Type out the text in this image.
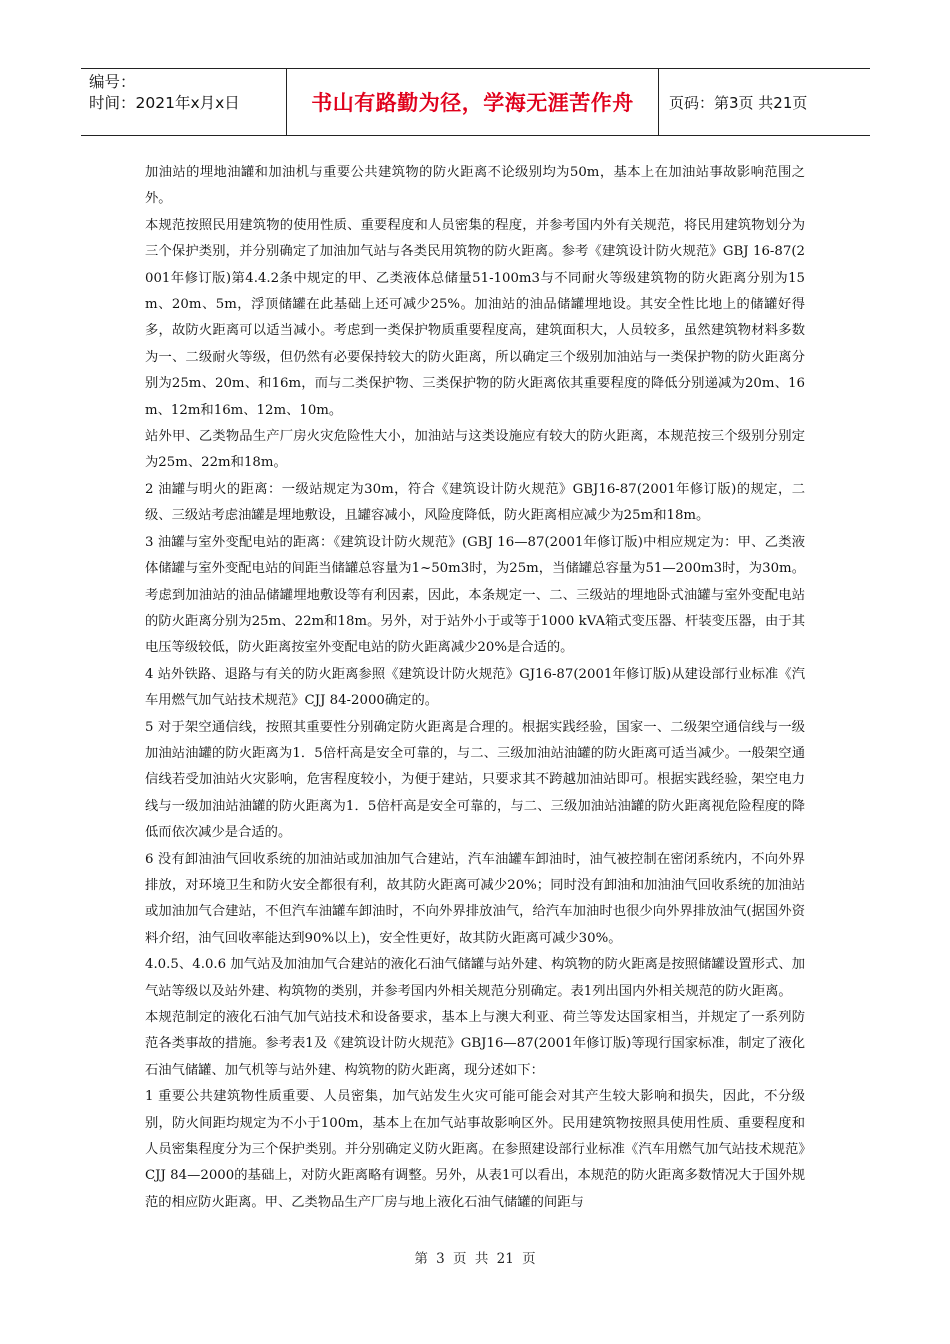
编号：
时间：2021年x月x日	书山有路勤为径，学海无涯苦作舟	页码：第3页 共21页

加油站的埋地油罐和加油机与重要公共建筑物的防火距离不论级别均为50m，基本上在加油站事故影响范围之外。

本规范按照民用建筑物的使用性质、重要程度和人员密集的程度，并参考国内外有关规范，将民用建筑物划分为三个保护类别，并分别确定了加油加气站与各类民用筑物的防火距离。参考《建筑设计防火规范》GBJ 16-87(2001年修订版)第4.4.2条中规定的甲、乙类液体总储量51-100m3与不同耐火等级建筑物的防火距离分别为15m、20m、5m，浮顶储罐在此基础上还可减少25%。加油站的油品储罐埋地设。其安全性比地上的储罐好得多，故防火距离可以适当减小。考虑到一类保护物质重要程度高，建筑面积大，人员较多，虽然建筑物材料多数为一、二级耐火等级，但仍然有必要保持较大的防火距离，所以确定三个级别加油站与一类保护物的防火距离分别为25m、20m、和16m，而与二类保护物、三类保护物的防火距离依其重要程度的降低分别递减为20m、16m、12m和16m、12m、10m。

站外甲、乙类物品生产厂房火灾危险性大小，加油站与这类设施应有较大的防火距离，本规范按三个级别分别定为25m、22m和18m。

2 油罐与明火的距离：一级站规定为30m，符合《建筑设计防火规范》GBJ16-87(2001年修订版)的规定，二级、三级站考虑油罐是埋地敷设，且罐容减小，风险度降低，防火距离相应减少为25m和18m。

3 油罐与室外变配电站的距离：《建筑设计防火规范》(GBJ 16—87(2001年修订版)中相应规定为：甲、乙类液体储罐与室外变配电站的间距当储罐总容量为1~50m3时，为25m，当储罐总容量为51—200m3时，为30m。考虑到加油站的油品储罐埋地敷设等有利因素，因此，本条规定一、二、三级站的埋地卧式油罐与室外变配电站的防火距离分别为25m、22m和18m。另外，对于站外小于或等于1000 kVA箱式变压器、杆装变压器，由于其电压等级较低，防火距离按室外变配电站的防火距离减少20%是合适的。

4 站外铁路、退路与有关的防火距离参照《建筑设计防火规范》GJ16-87(2001年修订版)从建设部行业标准《汽车用燃气加气站技术规范》CJJ 84-2000确定的。

5 对于架空通信线，按照其重要性分别确定防火距离是合理的。根据实践经验，国家一、二级架空通信线与一级加油站油罐的防火距离为1．5倍杆高是安全可靠的，与二、三级加油站油罐的防火距离可适当减少。一般架空通信线若受加油站火灾影响，危害程度较小，为便于建站，只要求其不跨越加油站即可。根据实践经验，架空电力线与一级加油站油罐的防火距离为1．5倍杆高是安全可靠的，与二、三级加油站油罐的防火距离视危险程度的降低而依次减少是合适的。

6 没有卸油油气回收系统的加油站或加油加气合建站，汽车油罐车卸油时，油气被控制在密闭系统内，不向外界排放，对环境卫生和防火安全都很有利，故其防火距离可减少20%；同时没有卸油和加油油气回收系统的加油站或加油加气合建站，不但汽车油罐车卸油时，不向外界排放油气，给汽车加油时也很少向外界排放油气(据国外资料介绍，油气回收率能达到90%以上)，安全性更好，故其防火距离可减少30%。

4.0.5、4.0.6 加气站及加油加气合建站的液化石油气储罐与站外建、构筑物的防火距离是按照储罐设置形式、加气站等级以及站外建、构筑物的类别，并参考国内外相关规范分别确定。表1列出国内外相关规范的防火距离。

本规范制定的液化石油气加气站技术和设备要求，基本上与澳大利亚、荷兰等发达国家相当，并规定了一系列防范各类事故的措施。参考表1及《建筑设计防火规范》GBJ16—87(2001年修订版)等现行国家标准，制定了液化石油气储罐、加气机等与站外建、构筑物的防火距离，现分述如下：

1 重要公共建筑物性质重要、人员密集，加气站发生火灾可能可能会对其产生较大影响和损失，因此，不分级别，防火间距均规定为不小于100m，基本上在加气站事故影响区外。民用建筑物按照具使用性质、重要程度和人员密集程度分为三个保护类别。并分别确定义防火距离。在参照建设部行业标准《汽车用燃气加气站技术规范》CJJ 84—2000的基础上，对防火距离略有调整。另外，从表1可以看出，本规范的防火距离多数情况大于国外规范的相应防火距离。甲、乙类物品生产厂房与地上液化石油气储罐的间距与

第 3 页 共 21 页
